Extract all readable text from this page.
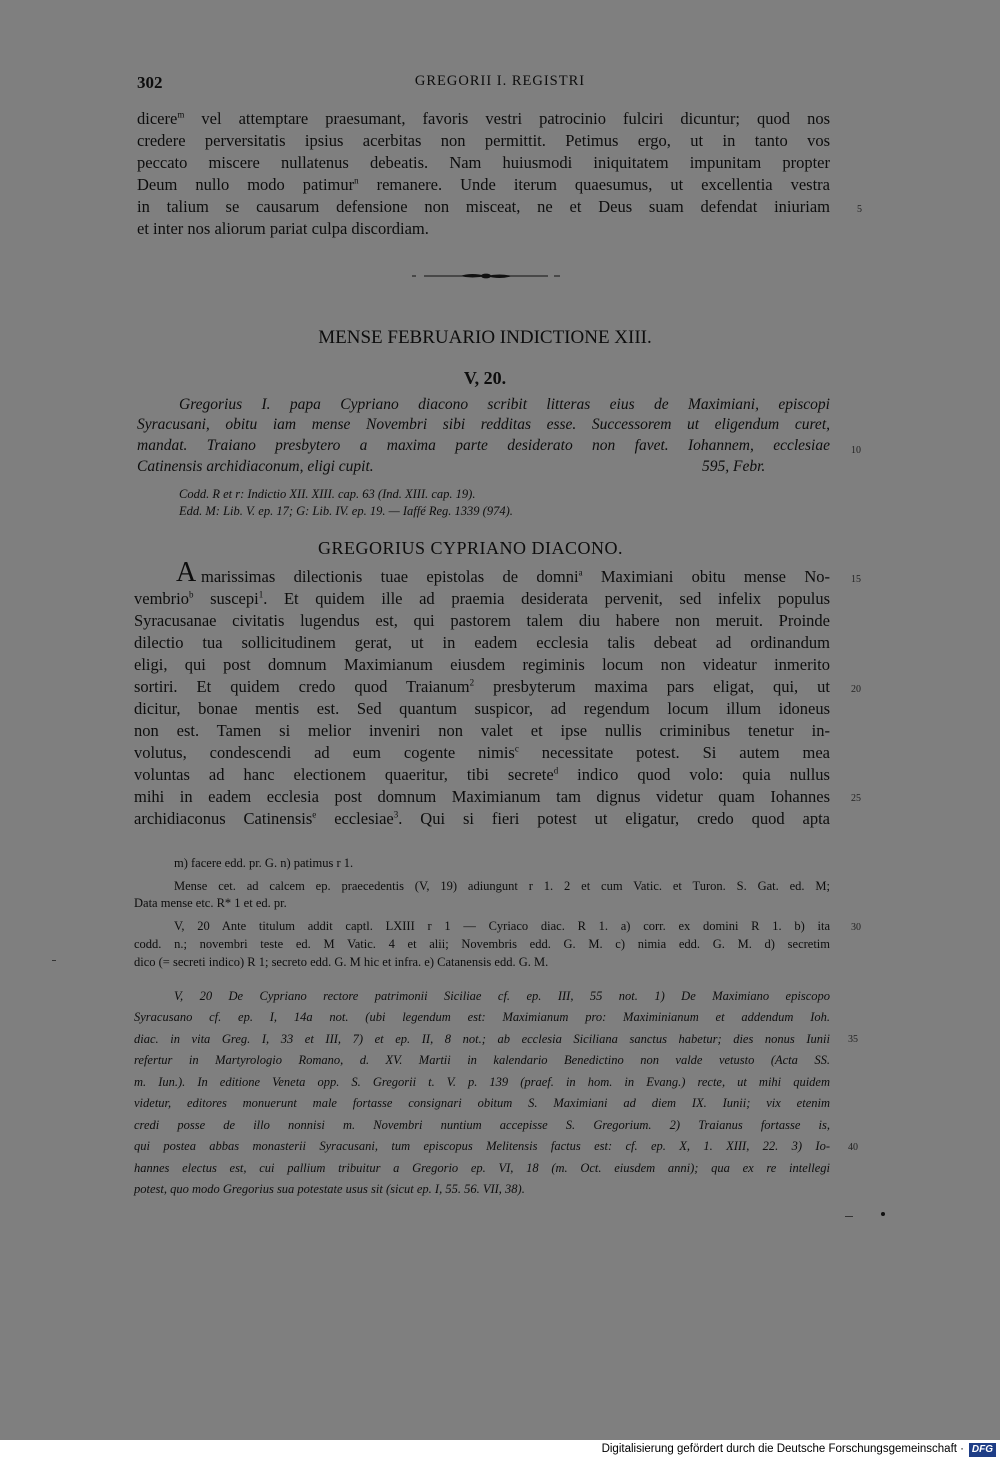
302	GREGORII I. REGISTRI
dicere$^m$ vel attemptare praesumant, favoris vestri patrocinio fulciri dicuntur; quod nos
credere perversitatis ipsius acerbitas non permittit. Petimus ergo, ut in tanto vos
peccato miscere nullatenus debeatis. Nam huiusmodi iniquitatem impunitam propter
Deum nullo modo patimur$^n$ remanere. Unde iterum quaesumus, ut excellentia vestra
in talium se causarum defensione non misceat, ne et Deus suam defendat iniuriam
et inter nos aliorum pariat culpa discordiam.
MENSE FEBRUARIO INDICTIONE XIII.
V, 20.
Gregorius I. papa Cypriano diacono scribit litteras eius de Maximiani, episcopi
Syracusani, obitu iam mense Novembri sibi redditas esse. Successorem ut eligendum curet,
mandat. Traiano presbytero a maxima parte desiderato non favet. Iohannem, ecclesiae
Catinensis archidiaconum, eligi cupit.	595, Febr.
Codd. R et r: Indictio XII. XIII. cap. 63 (Ind. XIII. cap. 19).
Edd. M: Lib. V. ep. 17; G: Lib. IV. ep. 19. — Iaffé Reg. 1339 (974).
GREGORIUS CYPRIANO DIACONO.
A marissimas dilectionis tuae epistolas de domni$^a$ Maximiani obitu mense No-
vembrio$^b$ suscepi$^1$. Et quidem ille ad praemia desiderata pervenit, sed infelix populus
Syracusanae civitatis lugendus est, qui pastorem talem diu habere non meruit. Proinde
dilectio tua sollicitudinem gerat, ut in eadem ecclesia talis debeat ad ordinandum
eligi, qui post domnum Maximianum eiusdem regiminis locum non videatur inmerito
sortiri. Et quidem credo quod Traianum$^2$ presbyterum maxima pars eligat, qui, ut
dicitur, bonae mentis est. Sed quantum suspicor, ad regendum locum illum idoneus
non est. Tamen si melior inveniri non valet et ipse nullis criminibus tenetur in-
volutus, condescendi ad eum cogente nimis$^c$ necessitate potest. Si autem mea
voluntas ad hanc electionem quaeritur, tibi secrete$^d$ indico quod volo: quia nullus
mihi in eadem ecclesia post domnum Maximianum tam dignus videtur quam Iohannes
archidiaconus Catinensis$^e$ ecclesiae$^3$. Qui si fieri potest ut eligatur, credo quod apta
m) facere edd. pr. G. n) patimus r 1.
Mense cet. ad calcem ep. praecedentis (V, 19) adiungunt r 1. 2 et cum Vatic. et Turon. S. Gat. ed. M;
Data mense etc. R* 1 et ed. pr.
V, 20 Ante titulum addit captl. LXIII r 1 — Cyriaco diac. R 1. a) corr. ex domini R 1. b) ita
codd. n.; novembri teste ed. M Vatic. 4 et alii; Novembris edd. G. M. c) nimia edd. G. M. d) secretim
dico (= secreti indico) R 1; secreto edd. G. M hic et infra. e) Catanensis edd. G. M.
V, 20 De Cypriano rectore patrimonii Siciliae cf. ep. III, 55 not. 1) De Maximiano episcopo
Syracusano cf. ep. I, 14a not. (ubi legendum est: Maximianum pro: Maximinianum et addendum Ioh.
diac. in vita Greg. I, 33 et III, 7) et ep. II, 8 not.; ab ecclesia Siciliana sanctus habetur; dies nonus Iunii
refertur in Martyrologio Romano, d. XV. Martii in kalendario Benedictino non valde vetusto (Acta SS.
m. Iun.). In editione Veneta opp. S. Gregorii t. V. p. 139 (praef. in hom. in Evang.) recte, ut mihi quidem
videtur, editores monuerunt male fortasse consignari obitum S. Maximiani ad diem IX. Iunii; vix etenim
credi posse de illo nonnisi m. Novembri nuntium accepisse S. Gregorium. 2) Traianus fortasse is,
qui postea abbas monasterii Syracusani, tum episcopus Melitensis factus est: cf. ep. X, 1. XIII, 22. 3) Io-
hannes electus est, cui pallium tribuitur a Gregorio ep. VI, 18 (m. Oct. eiusdem anni); qua ex re intellegi
potest, quo modo Gregorius sua potestate usus sit (sicut ep. I, 55. 56. VII, 38).
5
10
15
20
25
30
35
40
Digitalisierung gefördert durch die Deutsche Forschungsgemeinschaft · DFG
